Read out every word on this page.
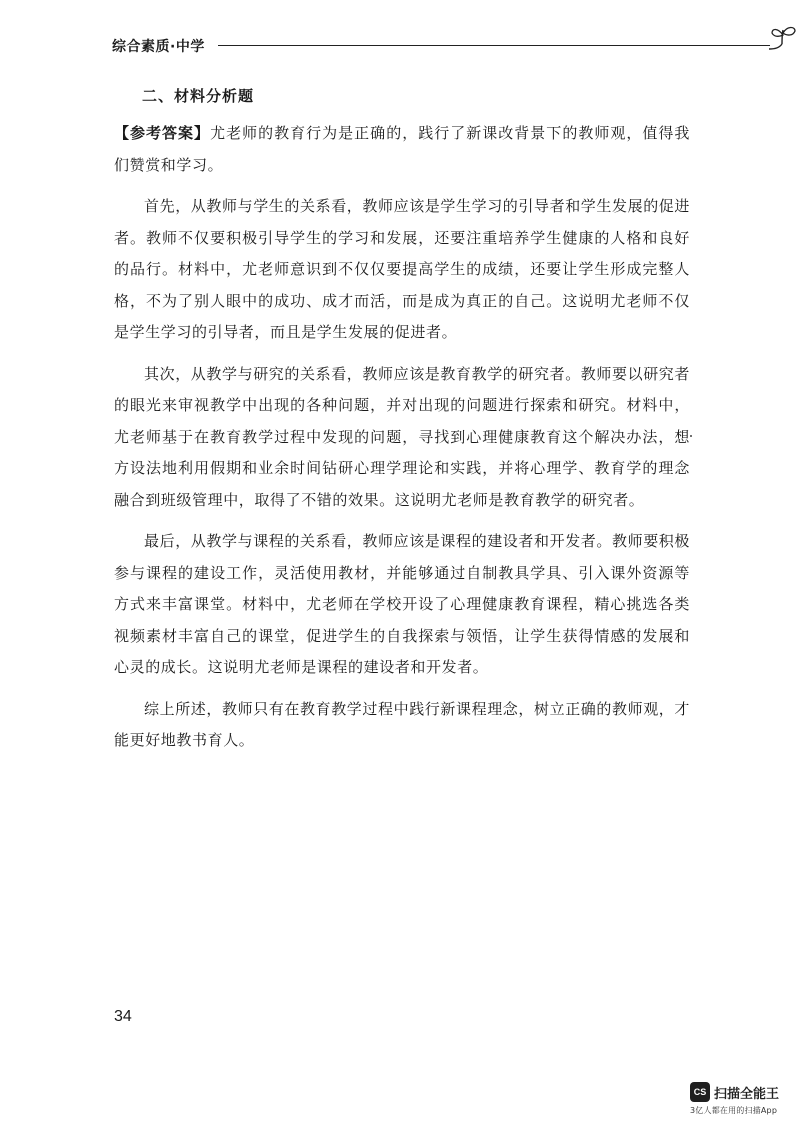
综合素质·中学
二、材料分析题

【参考答案】尤老师的教育行为是正确的，践行了新课改背景下的教师观，值得我们赞赏和学习。

首先，从教师与学生的关系看，教师应该是学生学习的引导者和学生发展的促进者。教师不仅要积极引导学生的学习和发展，还要注重培养学生健康的人格和良好的品行。材料中，尤老师意识到不仅仅要提高学生的成绩，还要让学生形成完整人格，不为了别人眼中的成功、成才而活，而是成为真正的自己。这说明尤老师不仅是学生学习的引导者，而且是学生发展的促进者。

其次，从教学与研究的关系看，教师应该是教育教学的研究者。教师要以研究者的眼光来审视教学中出现的各种问题，并对出现的问题进行探索和研究。材料中，尤老师基于在教育教学过程中发现的问题，寻找到心理健康教育这个解决办法，想方设法地利用假期和业余时间钻研心理学理论和实践，并将心理学、教育学的理念融合到班级管理中，取得了不错的效果。这说明尤老师是教育教学的研究者。

最后，从教学与课程的关系看，教师应该是课程的建设者和开发者。教师要积极参与课程的建设工作，灵活使用教材，并能够通过自制教具学具、引入课外资源等方式来丰富课堂。材料中，尤老师在学校开设了心理健康教育课程，精心挑选各类视频素材丰富自己的课堂，促进学生的自我探索与领悟，让学生获得情感的发展和心灵的成长。这说明尤老师是课程的建设者和开发者。

综上所述，教师只有在教育教学过程中践行新课程理念，树立正确的教师观，才能更好地教书育人。

34
CS 扫描全能王
3亿人都在用的扫描App
